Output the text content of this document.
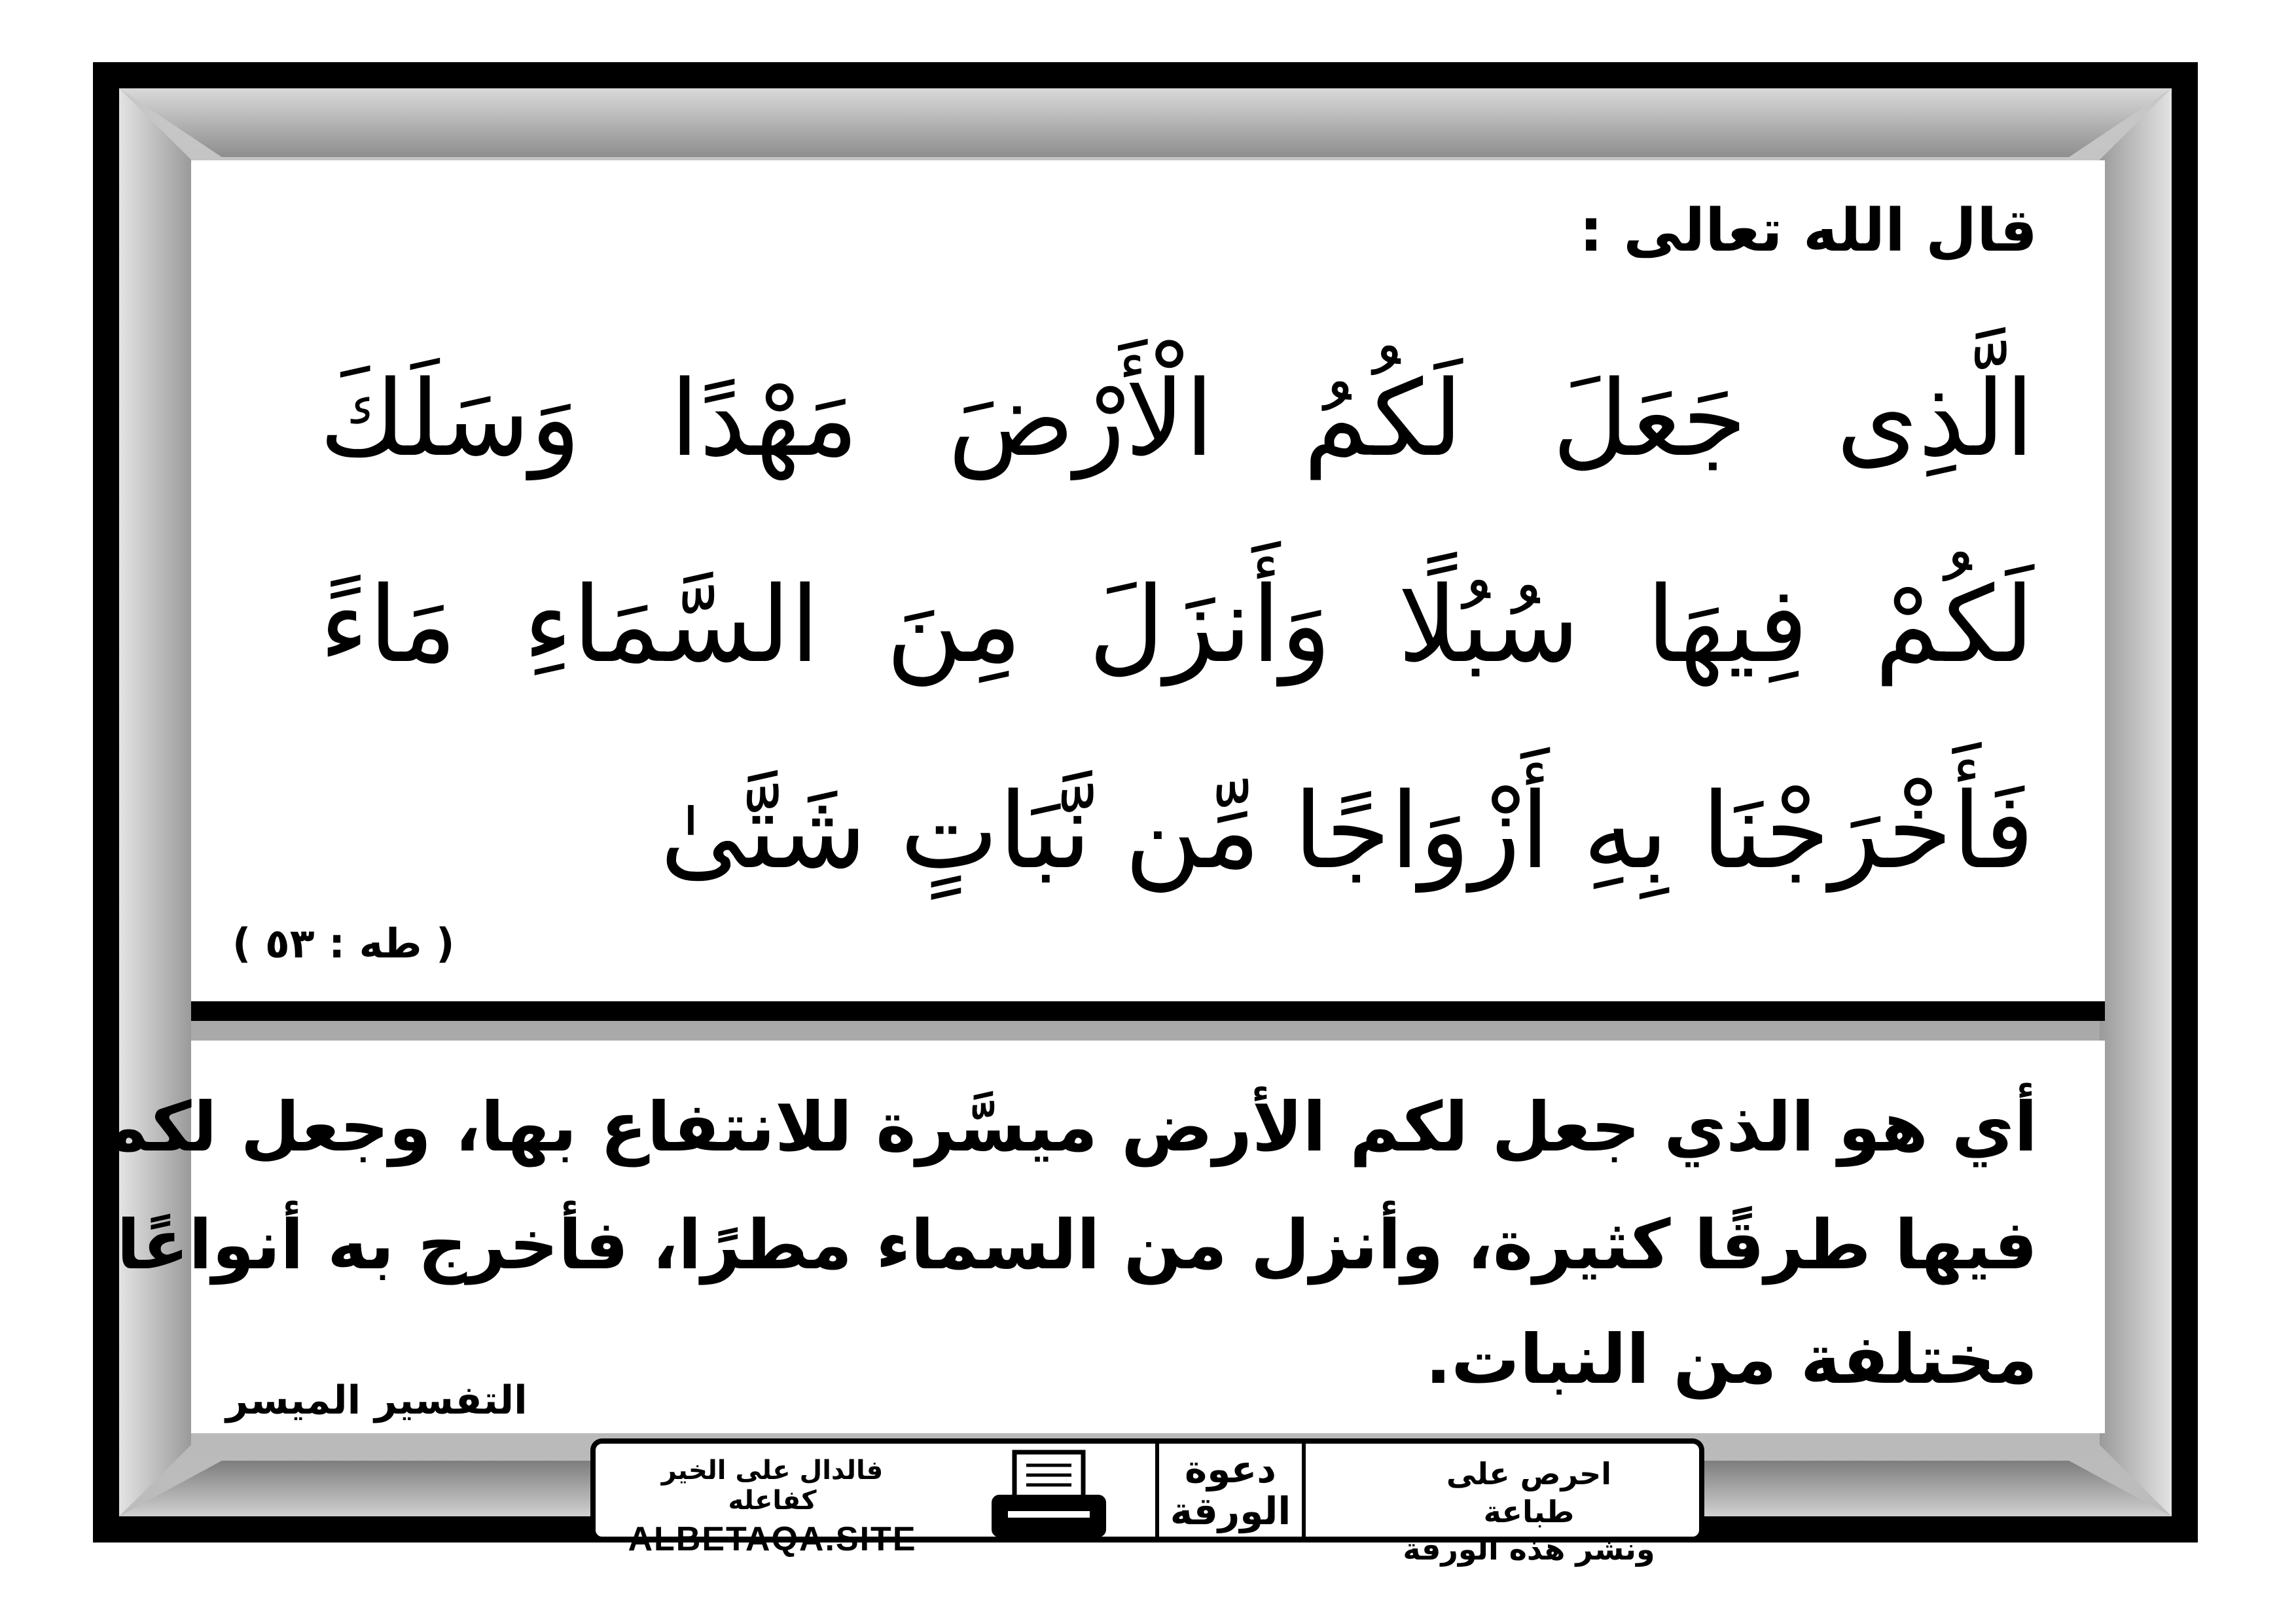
قال الله تعالى :
الَّذِى جَعَلَ لَكُمُ الْأَرْضَ مَهْدًا وَسَلَكَ
لَكُمْ فِيهَا سُبُلًا وَأَنزَلَ مِنَ السَّمَاءِ مَاءً
فَأَخْرَجْنَا بِهِ أَزْوَاجًا مِّن نَّبَاتٍ شَتَّىٰ
( طه : ٥٣ )
أي هو الذي جعل لكم الأرض ميسَّرة للانتفاع بها، وجعل لكم
فيها طرقًا كثيرة، وأنزل من السماء مطرًا، فأخرج به أنواعًا
مختلفة من النبات.
التفسير الميسر
فالدال على الخير كفاعله
ALBETAQA.SITE
دعوة
الورقة
احرص على طباعة
ونشر هذه الورقة
